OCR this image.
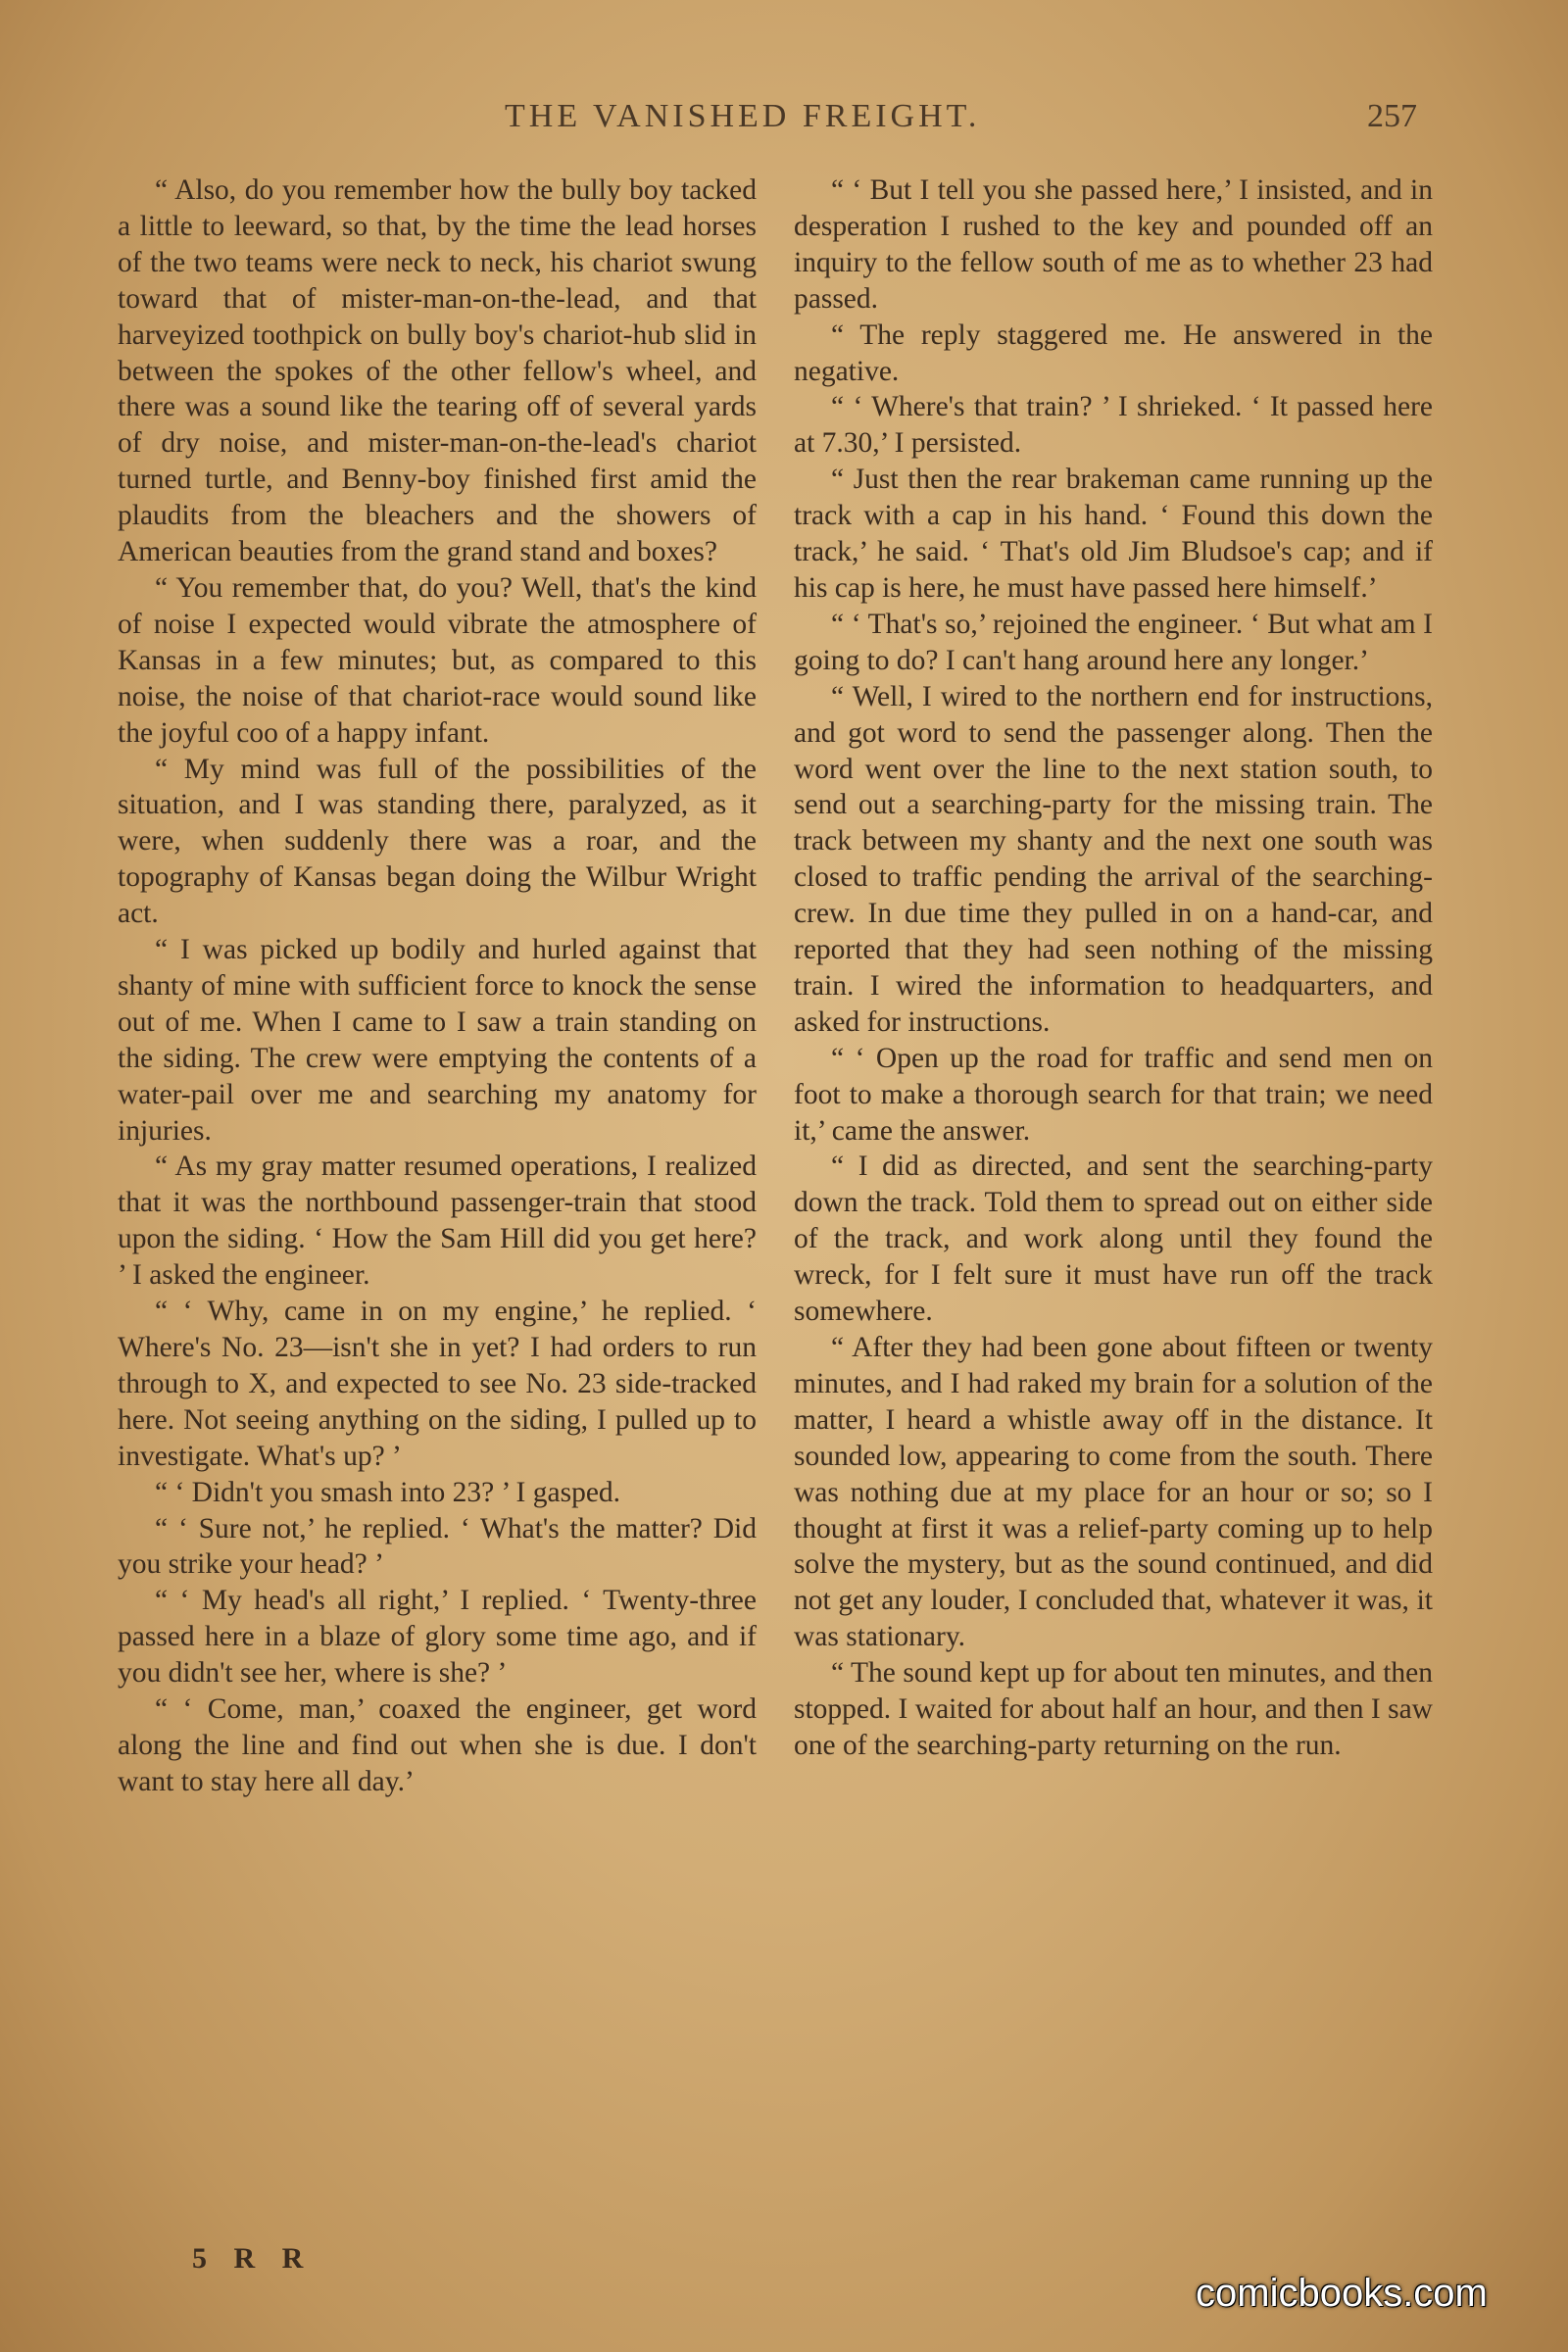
THE VANISHED FREIGHT.	257

“ Also, do you remember how the bully boy tacked a little to leeward, so that, by the time the lead horses of the two teams were neck to neck, his chariot swung toward that of mister-man-on-the-lead, and that harveyized toothpick on bully boy's chariot-hub slid in between the spokes of the other fellow's wheel, and there was a sound like the tearing off of several yards of dry noise, and mister-man-on-the-lead's chariot turned turtle, and Benny-boy finished first amid the plaudits from the bleachers and the showers of American beauties from the grand stand and boxes?

“ You remember that, do you? Well, that's the kind of noise I expected would vibrate the atmosphere of Kansas in a few minutes; but, as compared to this noise, the noise of that chariot-race would sound like the joyful coo of a happy infant.

“ My mind was full of the possibilities of the situation, and I was standing there, paralyzed, as it were, when suddenly there was a roar, and the topography of Kansas began doing the Wilbur Wright act.

“ I was picked up bodily and hurled against that shanty of mine with sufficient force to knock the sense out of me. When I came to I saw a train standing on the siding. The crew were emptying the contents of a water-pail over me and searching my anatomy for injuries.

“ As my gray matter resumed operations, I realized that it was the northbound passenger-train that stood upon the siding. ‘ How the Sam Hill did you get here? ’ I asked the engineer.

“ ‘ Why, came in on my engine,’ he replied. ‘ Where's No. 23—isn't she in yet? I had orders to run through to X, and expected to see No. 23 side-tracked here. Not seeing anything on the siding, I pulled up to investigate. What's up? ’

“ ‘ Didn't you smash into 23? ’ I gasped.

“ ‘ Sure not,’ he replied. ‘ What's the matter? Did you strike your head? ’

“ ‘ My head's all right,’ I replied. ‘ Twenty-three passed here in a blaze of glory some time ago, and if you didn't see her, where is she? ’

“ ‘ Come, man,’ coaxed the engineer, get word along the line and find out when she is due. I don't want to stay here all day.’

“ ‘ But I tell you she passed here,’ I insisted, and in desperation I rushed to the key and pounded off an inquiry to the fellow south of me as to whether 23 had passed.

“ The reply staggered me. He answered in the negative.

“ ‘ Where's that train? ’ I shrieked. ‘ It passed here at 7.30,’ I persisted.

“ Just then the rear brakeman came running up the track with a cap in his hand. ‘ Found this down the track,’ he said. ‘ That's old Jim Bludsoe's cap; and if his cap is here, he must have passed here himself.’

“ ‘ That's so,’ rejoined the engineer. ‘ But what am I going to do? I can't hang around here any longer.’

“ Well, I wired to the northern end for instructions, and got word to send the passenger along. Then the word went over the line to the next station south, to send out a searching-party for the missing train. The track between my shanty and the next one south was closed to traffic pending the arrival of the searching-crew. In due time they pulled in on a hand-car, and reported that they had seen nothing of the missing train. I wired the information to headquarters, and asked for instructions.

“ ‘ Open up the road for traffic and send men on foot to make a thorough search for that train; we need it,’ came the answer.

“ I did as directed, and sent the searching-party down the track. Told them to spread out on either side of the track, and work along until they found the wreck, for I felt sure it must have run off the track somewhere.

“ After they had been gone about fifteen or twenty minutes, and I had raked my brain for a solution of the matter, I heard a whistle away off in the distance. It sounded low, appearing to come from the south. There was nothing due at my place for an hour or so; so I thought at first it was a relief-party coming up to help solve the mystery, but as the sound continued, and did not get any louder, I concluded that, whatever it was, it was stationary.

“ The sound kept up for about ten minutes, and then stopped. I waited for about half an hour, and then I saw one of the searching-party returning on the run.

5 R R
comicbooks.com
